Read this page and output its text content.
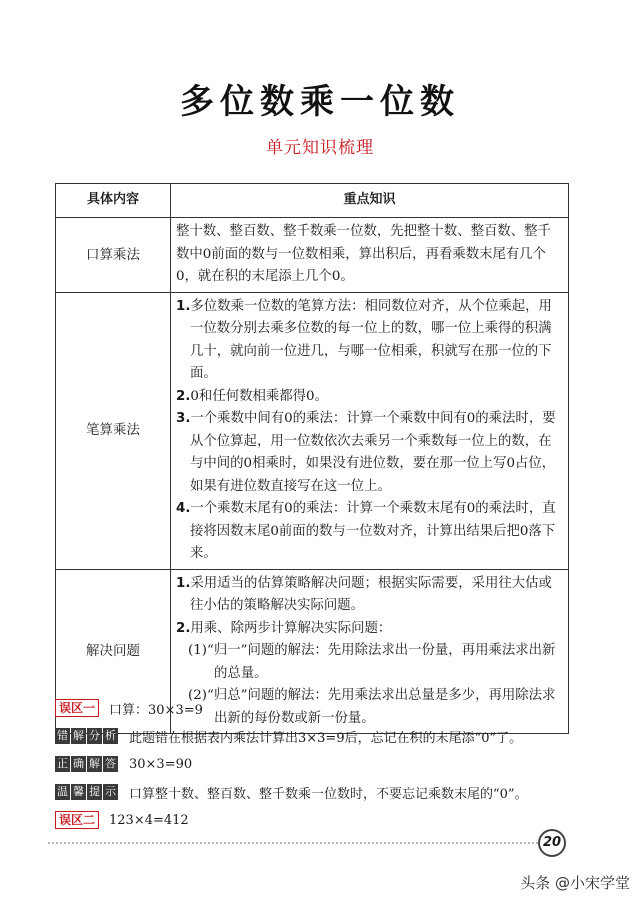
多位数乘一位数
单元知识梳理
具体内容	重点知识
口算乘法	整十数、整百数、整千数乘一位数，先把整十数、整百数、整千数中0前面的数与一位数相乘，算出积后，再看乘数末尾有几个0，就在积的末尾添上几个0。

笔算乘法	1.多位数乘一位数的笔算方法：相同数位对齐，从个位乘起，用一位数分别去乘多位数的每一位上的数，哪一位上乘得的积满几十，就向前一位进几，与哪一位相乘，积就写在那一位的下面。
2.0和任何数相乘都得0。
3.一个乘数中间有0的乘法：计算一个乘数中间有0的乘法时，要从个位算起，用一位数依次去乘另一个乘数每一位上的数，在与中间的0相乘时，如果没有进位数，要在那一位上写0占位，如果有进位数直接写在这一位上。
4.一个乘数末尾有0的乘法：计算一个乘数末尾有0的乘法时，直接将因数末尾0前面的数与一位数对齐，计算出结果后把0落下来。

解决问题	1.采用适当的估算策略解决问题；根据实际需要，采用往大估或往小估的策略解决实际问题。
2.用乘、除两步计算解决实际问题：
(1)“归一”问题的解法：先用除法求出一份量，再用乘法求出新的总量。
(2)“归总”问题的解法：先用乘法求出总量是多少，再用除法求出新的每份数或新一份量。
误区一	口算：30×3=9
错 解 分 析 此题错在根据表内乘法计算出3×3=9后，忘记在积的末尾添“0”了。
正 确 解 答 30×3=90
温 馨 提 示 口算整十数、整百数、整千数乘一位数时，不要忘记乘数末尾的“0”。
误区二	123×4=412
20
头条 @小宋学堂
